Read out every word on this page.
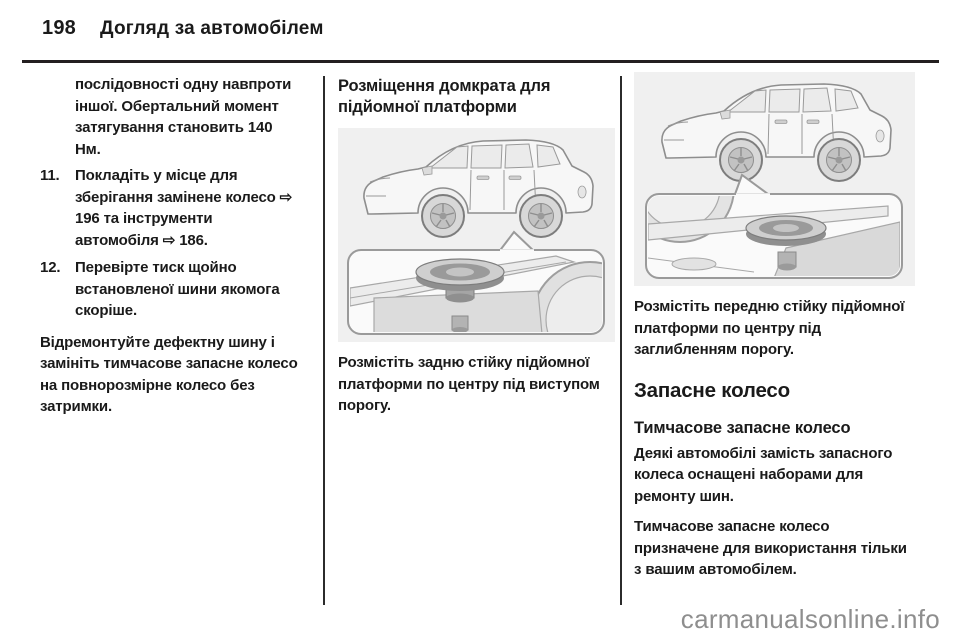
198 Догляд за автомобілем

послідовності одну навпроти іншої. Обертальний момент затягування становить 140 Нм.

11.	Покладіть у місце для зберігання замінене колесо ⇨ 196 та інструменти автомобіля ⇨ 186.
12. Перевірте тиск щойно встановленої шини якомога скоріше.

Відремонтуйте дефектну шину і замініть тимчасове запасне колесо на повнорозмірне колесо без затримки.

Розміщення домкрата для підйомної платформи

Розмістіть задню стійку підйомної платформи по центру під виступом порогу.

Розмістіть передню стійку підйомної платформи по центру під заглибленням порогу.

Запасне колесо
Тимчасове запасне колесо

Деякі автомобілі замість запасного колеса оснащені наборами для ремонту шин.

Тимчасове запасне колесо призначене для використання тільки з вашим автомобілем.

carmanualsonline.info
